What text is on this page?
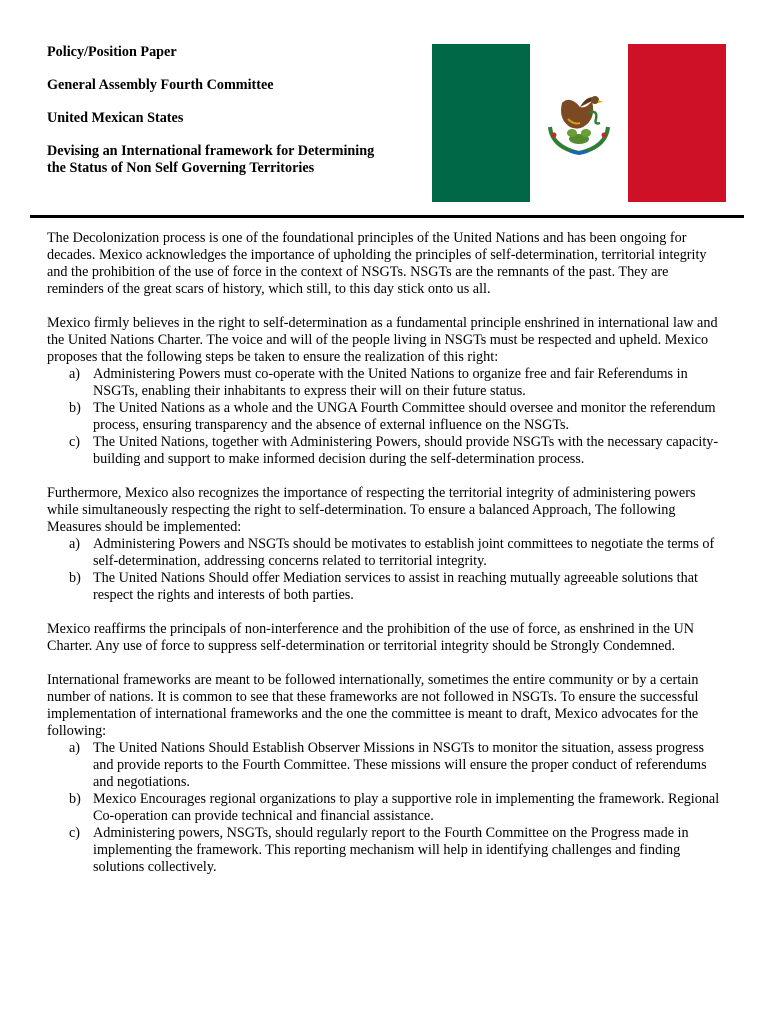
Policy/Position Paper

General Assembly Fourth Committee

United Mexican States

Devising an International framework for Determining the Status of Non Self Governing Territories

The Decolonization process is one of the foundational principles of the United Nations and has been ongoing for decades. Mexico acknowledges the importance of upholding the principles of self-determination, territorial integrity and the prohibition of the use of force in the context of NSGTs. NSGTs are the remnants of the past. They are reminders of the great scars of history, which still, to this day stick onto us all.

Mexico firmly believes in the right to self-determination as a fundamental principle enshrined in international law and the United Nations Charter. The voice and will of the people living in NSGTs must be respected and upheld. Mexico proposes that the following steps be taken to ensure the realization of this right:

a) Administering Powers must co-operate with the United Nations to organize free and fair Referendums in NSGTs, enabling their inhabitants to express their will on their future status.
b) The United Nations as a whole and the UNGA Fourth Committee should oversee and monitor the referendum process, ensuring transparency and the absence of external influence on the NSGTs.
c) The United Nations, together with Administering Powers, should provide NSGTs with the necessary capacity-building and support to make informed decision during the self-determination process.

Furthermore, Mexico also recognizes the importance of respecting the territorial integrity of administering powers while simultaneously respecting the right to self-determination. To ensure a balanced Approach, The following Measures should be implemented:

a) Administering Powers and NSGTs should be motivates to establish joint committees to negotiate the terms of self-determination, addressing concerns related to territorial integrity.
b) The United Nations Should offer Mediation services to assist in reaching mutually agreeable solutions that respect the rights and interests of both parties.

Mexico reaffirms the principals of non-interference and the prohibition of the use of force, as enshrined in the UN Charter. Any use of force to suppress self-determination or territorial integrity should be Strongly Condemned.

International frameworks are meant to be followed internationally, sometimes the entire community or by a certain number of nations. It is common to see that these frameworks are not followed in NSGTs. To ensure the successful implementation of international frameworks and the one the committee is meant to draft, Mexico advocates for the following:

a) The United Nations Should Establish Observer Missions in NSGTs to monitor the situation, assess progress and provide reports to the Fourth Committee. These missions will ensure the proper conduct of referendums and negotiations.
b) Mexico Encourages regional organizations to play a supportive role in implementing the framework. Regional Co-operation can provide technical and financial assistance.
c) Administering powers, NSGTs, should regularly report to the Fourth Committee on the Progress made in implementing the framework. This reporting mechanism will help in identifying challenges and finding solutions collectively.
